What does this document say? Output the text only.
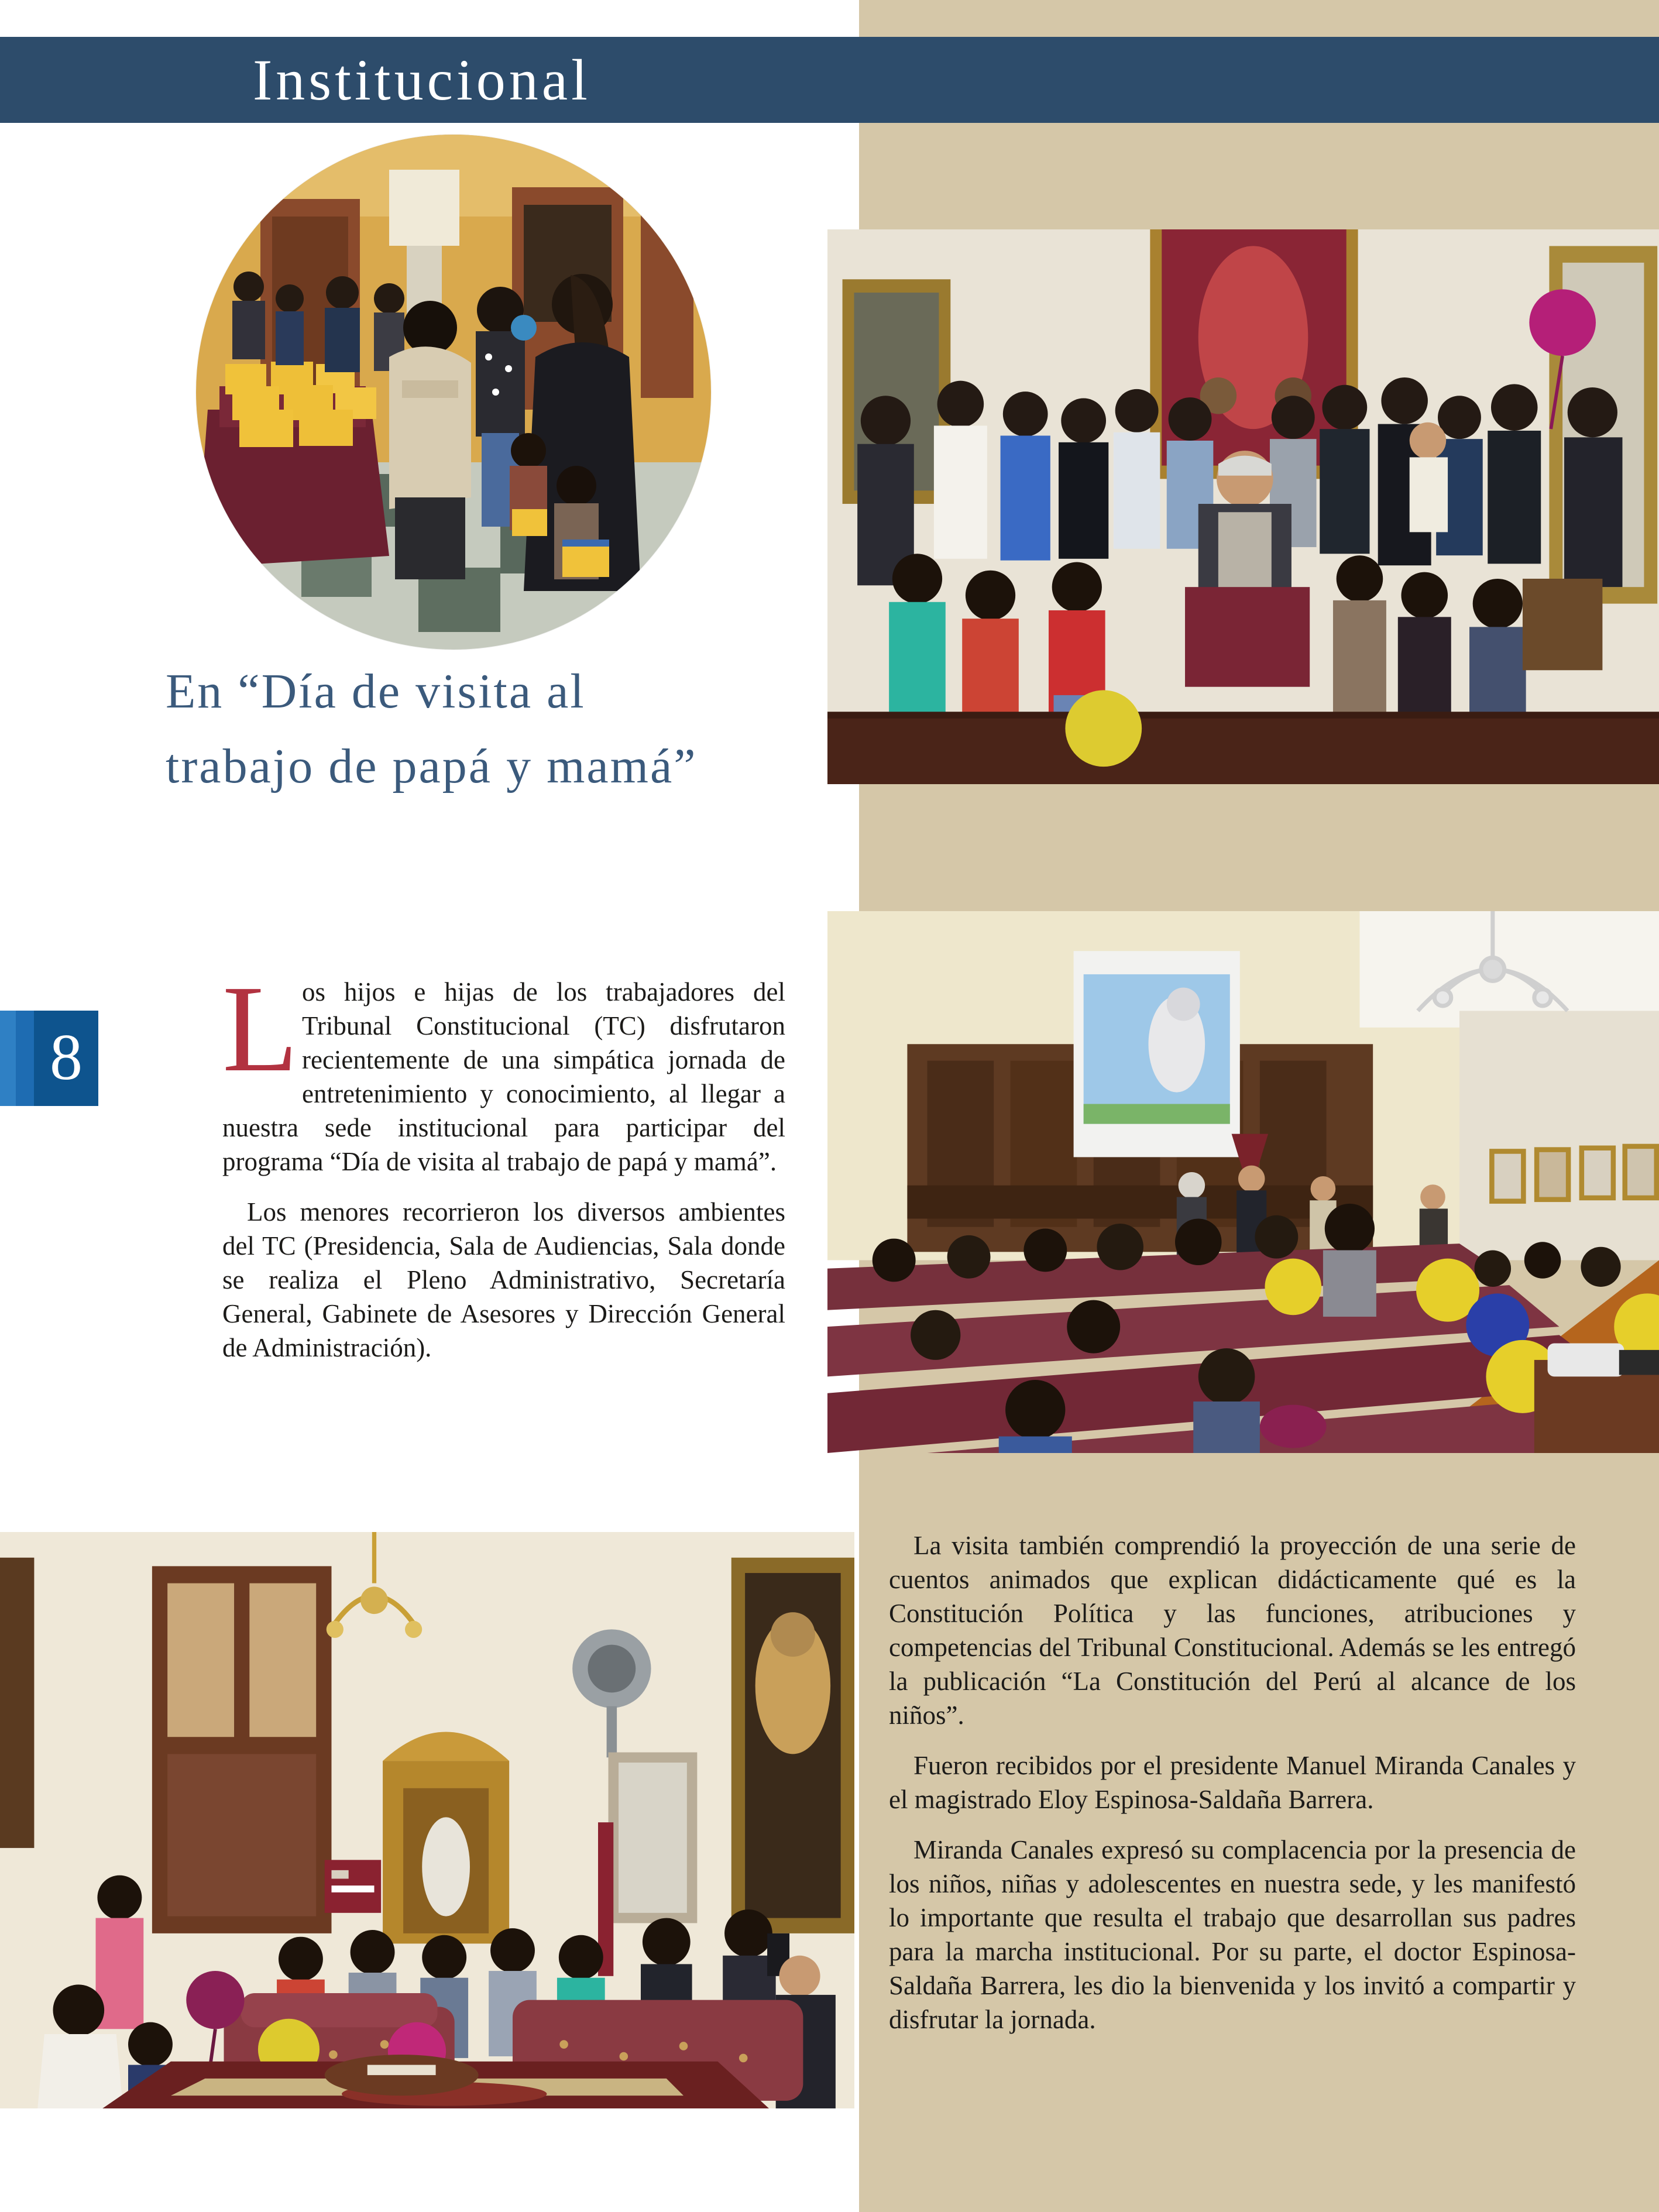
Institucional
En “Día de visita al
trabajo de papá y mamá”
8 Los hijos e hijas de los trabajadores del Tribunal Constitucional (TC) disfrutaron recientemente de una simpática jornada de entretenimiento y conocimiento, al llegar a nuestra sede institucional para participar del programa “Día de visita al trabajo de papá y mamá”.

Los menores recorrieron los diversos ambientes del TC (Presidencia, Sala de Audiencias, Sala donde se realiza el Pleno Administrativo, Secretaría General, Gabinete de Asesores y Dirección General de Administración).

La visita también comprendió la proyección de una serie de cuentos animados que explican didácticamente qué es la Constitución Política y las funciones, atribuciones y competencias del Tribunal Constitucional. Además se les entregó la publicación “La Constitución del Perú al alcance de los niños”.

Fueron recibidos por el presidente Manuel Miranda Canales y el magistrado Eloy Espinosa-Saldaña Barrera.

Miranda Canales expresó su complacencia por la presencia de los niños, niñas y adolescentes en nuestra sede, y les manifestó lo importante que resulta el trabajo que desarrollan sus padres para la marcha institucional. Por su parte, el doctor Espinosa-Saldaña Barrera, les dio la bienvenida y los invitó a compartir y disfrutar la jornada.
